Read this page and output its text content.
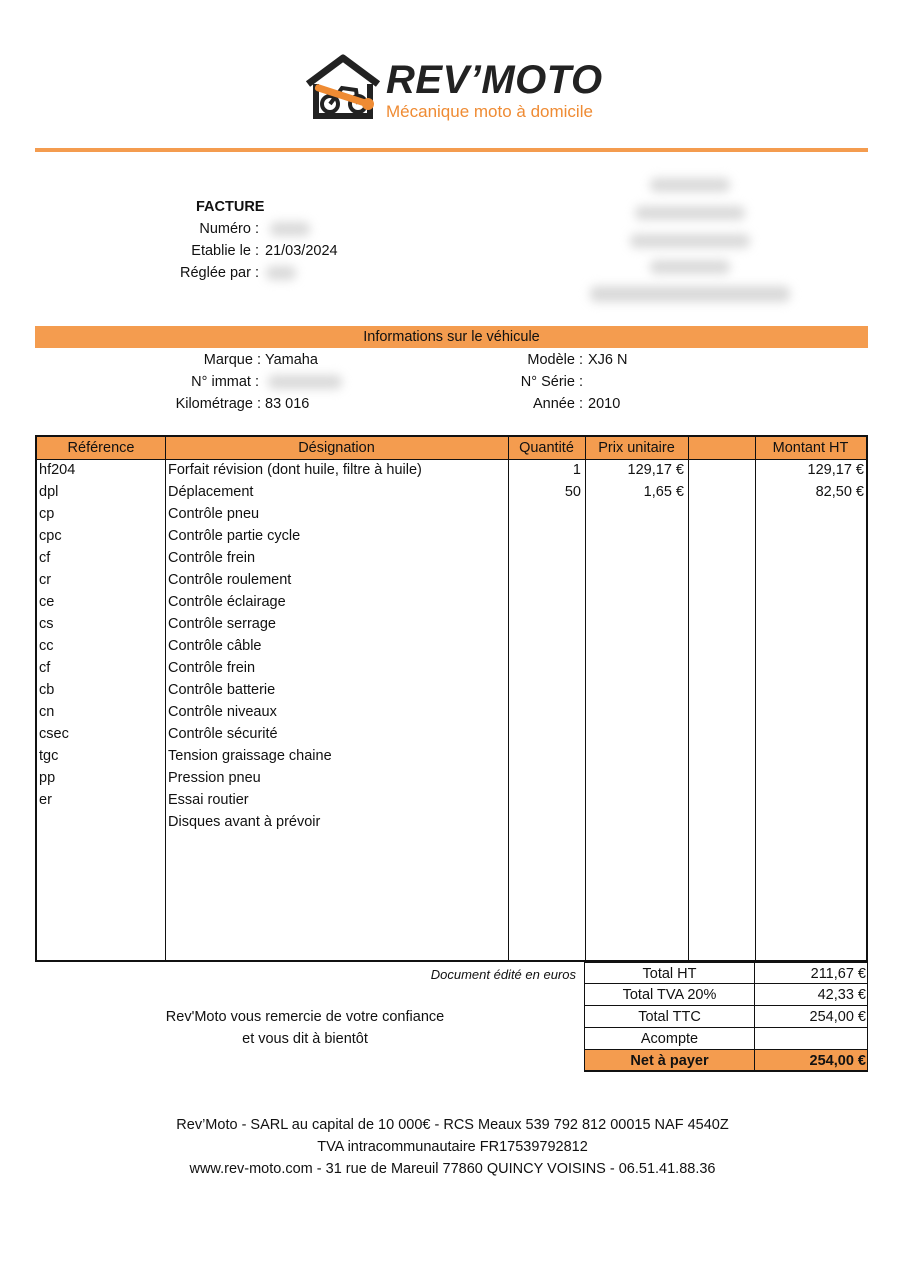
REV’MOTO
Mécanique moto à domicile
FACTURE
Numéro :
Etablie le : 21/03/2024
Réglée par :
Informations sur le véhicule
Marque : Yamaha
N° immat :
Kilométrage : 83 016
Modèle : XJ6 N
N° Série :
Année : 2010
Référence	Désignation	Quantité	Prix unitaire	Montant HT
hf204	Forfait révision (dont huile, filtre à huile)	1	129,17 €	129,17 €
dpl	Déplacement	50	1,65 €	82,50 €
cp	Contrôle pneu
cpc	Contrôle partie cycle
cf	Contrôle frein
cr	Contrôle roulement
ce	Contrôle éclairage
cs	Contrôle serrage
cc	Contrôle câble
cf	Contrôle frein
cb	Contrôle batterie
cn	Contrôle niveaux
csec	Contrôle sécurité
tgc	Tension graissage chaine
pp	Pression pneu
er	Essai routier
Disques avant à prévoir
Document édité en euros	Total HT	211,67 €
Total TVA 20%	42,33 €
Total TTC	254,00 €
Acompte
Net à payer	254,00 €
Rev'Moto vous remercie de votre confiance
et vous dit à bientôt
Rev’Moto - SARL au capital de 10 000€ - RCS Meaux 539 792 812 00015 NAF 4540Z
TVA intracommunautaire FR17539792812
www.rev-moto.com - 31 rue de Mareuil 77860 QUINCY VOISINS - 06.51.41.88.36
